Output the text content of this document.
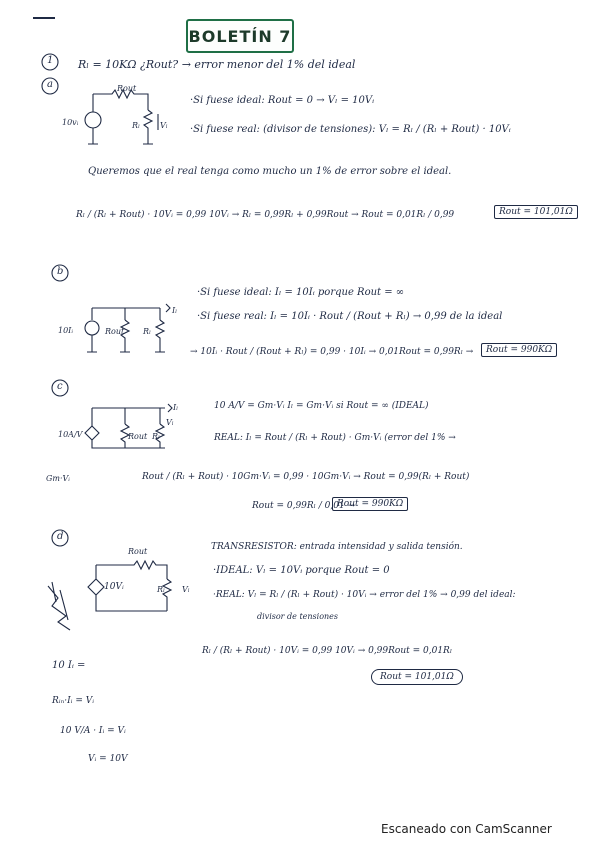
BOLETÍN 7
1 Rₗ = 10KΩ ¿Rout? → error menor del 1% del ideal
a	Rout
10vᵢ	Rₗ	Vₗ
·Si fuese ideal: Rout = 0 → Vₗ = 10Vᵢ
·Si fuese real: (divisor de tensiones): Vₗ = Rₗ / (Rₗ + Rout) · 10Vᵢ
Queremos que el real tenga como mucho un 1% de error sobre el ideal.
Rₗ / (Rₗ + Rout) · 10Vᵢ = 0,99 10Vᵢ → Rₗ = 0,99Rₗ + 0,99Rout → Rout = 0,01Rₗ / 0,99	Rout = 101,01Ω
b
10Iᵢ	Rout Rₗ
Iₗ
·Si fuese ideal: Iₗ = 10Iᵢ porque Rout = ∞
·Si fuese real: Iₗ = 10Iᵢ · Rout / (Rout + Rₗ) → 0,99 de la ideal
→ 10Iᵢ · Rout / (Rout + Rₗ) = 0,99 · 10Iᵢ → 0,01Rout = 0,99Rₗ →	Rout = 990KΩ
c
10A/V	Rout Rₗ
Vₗ
Iₗ
Gm·Vᵢ
10 A/V = Gm·Vᵢ Iₗ = Gm·Vᵢ si Rout = ∞ (IDEAL)
REAL: Iₗ = Rout / (Rₗ + Rout) · Gm·Vᵢ (error del 1% →
Rout / (Rₗ + Rout) · 10Gm·Vᵢ = 0,99 · 10Gm·Vᵢ → Rout = 0,99(Rₗ + Rout)
Rout = 0,99Rₗ / 0,01 →
Rout = 990KΩ
d
Rout
10Vᵢ	Rₗ Vₗ
TRANSRESISTOR: entrada intensidad y salida tensión.
·IDEAL: Vₗ = 10Vᵢ porque Rout = 0
·REAL: Vₗ = Rₗ / (Rₗ + Rout) · 10Vᵢ → error del 1% → 0,99 del ideal:
divisor de tensiones
Rₗ / (Rₗ + Rout) · 10Vᵢ = 0,99 10Vᵢ → 0,99Rout = 0,01Rₗ
Rout = 101,01Ω
10 Iᵢ =
Rᵢₙ·Iᵢ = Vᵢ
10 V/A · Iᵢ = Vᵢ
Vᵢ = 10V
Escaneado con CamScanner
